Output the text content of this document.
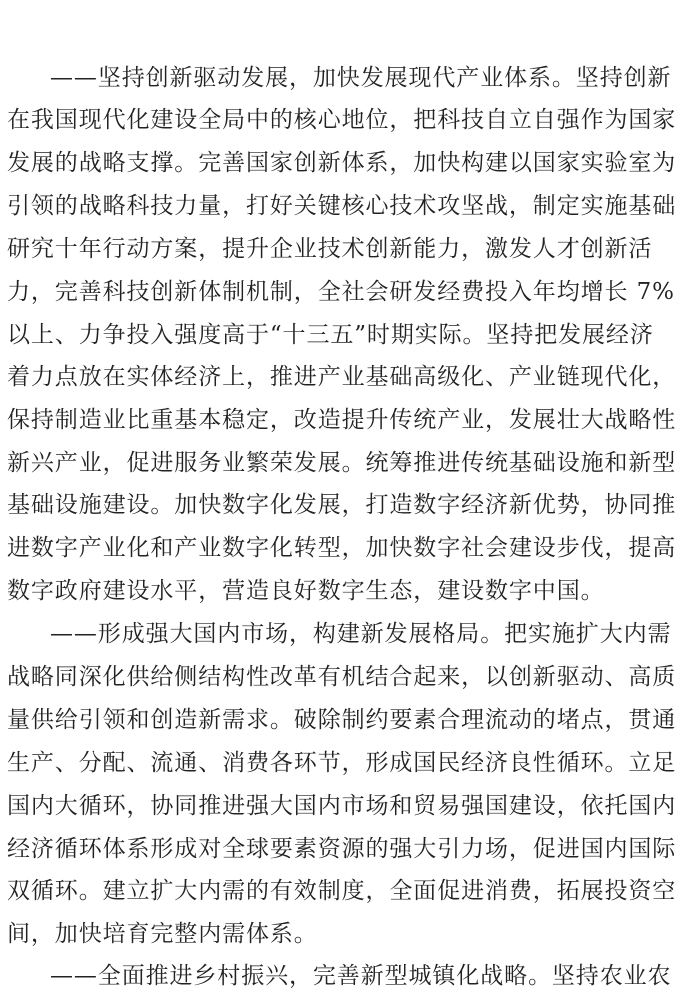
——坚持创新驱动发展，加快发展现代产业体系。坚持创新
在我国现代化建设全局中的核心地位，把科技自立自强作为国家
发展的战略支撑。完善国家创新体系，加快构建以国家实验室为
引领的战略科技力量，打好关键核心技术攻坚战，制定实施基础
研究十年行动方案，提升企业技术创新能力，激发人才创新活
力，完善科技创新体制机制，全社会研发经费投入年均增长 7%
以上、力争投入强度高于“十三五”时期实际。坚持把发展经济
着力点放在实体经济上，推进产业基础高级化、产业链现代化，
保持制造业比重基本稳定，改造提升传统产业，发展壮大战略性
新兴产业，促进服务业繁荣发展。统筹推进传统基础设施和新型
基础设施建设。加快数字化发展，打造数字经济新优势，协同推
进数字产业化和产业数字化转型，加快数字社会建设步伐，提高
数字政府建设水平，营造良好数字生态，建设数字中国。
——形成强大国内市场，构建新发展格局。把实施扩大内需
战略同深化供给侧结构性改革有机结合起来，以创新驱动、高质
量供给引领和创造新需求。破除制约要素合理流动的堵点，贯通
生产、分配、流通、消费各环节，形成国民经济良性循环。立足
国内大循环，协同推进强大国内市场和贸易强国建设，依托国内
经济循环体系形成对全球要素资源的强大引力场，促进国内国际
双循环。建立扩大内需的有效制度，全面促进消费，拓展投资空
间，加快培育完整内需体系。
——全面推进乡村振兴，完善新型城镇化战略。坚持农业农
